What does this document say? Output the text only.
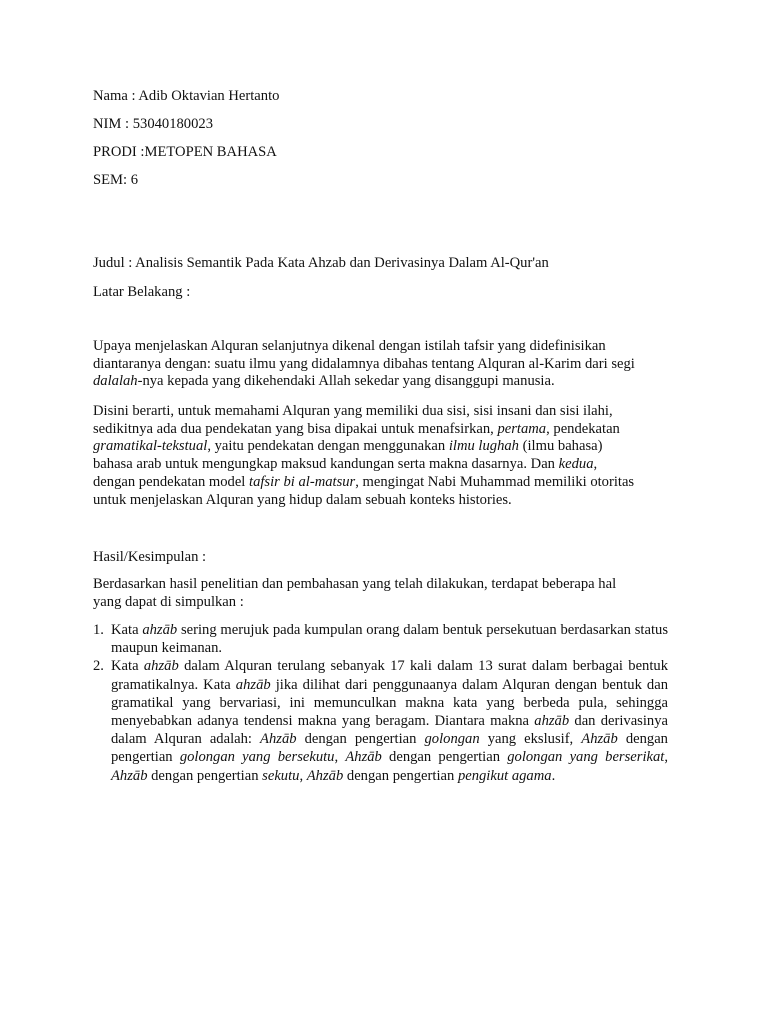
Nama : Adib Oktavian Hertanto
NIM : 53040180023
PRODI :METOPEN BAHASA
SEM: 6
Judul : Analisis Semantik Pada Kata Ahzab dan Derivasinya Dalam Al-Qur'an
Latar Belakang :

Upaya menjelaskan Alquran selanjutnya dikenal dengan istilah tafsir yang didefinisikan

diantaranya dengan: suatu ilmu yang didalamnya dibahas tentang Alquran al-Karim dari segi

dalalah-nya kepada yang dikehendaki Allah sekedar yang disanggupi manusia.

Disini berarti, untuk memahami Alquran yang memiliki dua sisi, sisi insani dan sisi ilahi,

sedikitnya ada dua pendekatan yang bisa dipakai untuk menafsirkan, pertama, pendekatan

gramatikal-tekstual, yaitu pendekatan dengan menggunakan ilmu lughah (ilmu bahasa)

bahasa arab untuk mengungkap maksud kandungan serta makna dasarnya. Dan kedua,

dengan pendekatan model tafsir bi al-matsur, mengingat Nabi Muhammad memiliki otoritas

untuk menjelaskan Alquran yang hidup dalam sebuah konteks histories.

Hasil/Kesimpulan :

Berdasarkan hasil penelitian dan pembahasan yang telah dilakukan, terdapat beberapa hal

yang dapat di simpulkan :

1. Kata ahzāb sering merujuk pada kumpulan orang dalam bentuk persekutuan berdasarkan status maupun keimanan.
2. Kata ahzāb dalam Alquran terulang sebanyak 17 kali dalam 13 surat dalam berbagai bentuk gramatikalnya. Kata ahzāb jika dilihat dari penggunaanya dalam Alquran dengan bentuk dan gramatikal yang bervariasi, ini memunculkan makna kata yang berbeda pula, sehingga menyebabkan adanya tendensi makna yang beragam. Diantara makna ahzāb dan derivasinya dalam Alquran adalah: Ahzāb dengan pengertian golongan yang ekslusif, Ahzāb dengan pengertian golongan yang bersekutu, Ahzāb dengan pengertian golongan yang berserikat, Ahzāb dengan pengertian sekutu, Ahzāb dengan pengertian pengikut agama.
